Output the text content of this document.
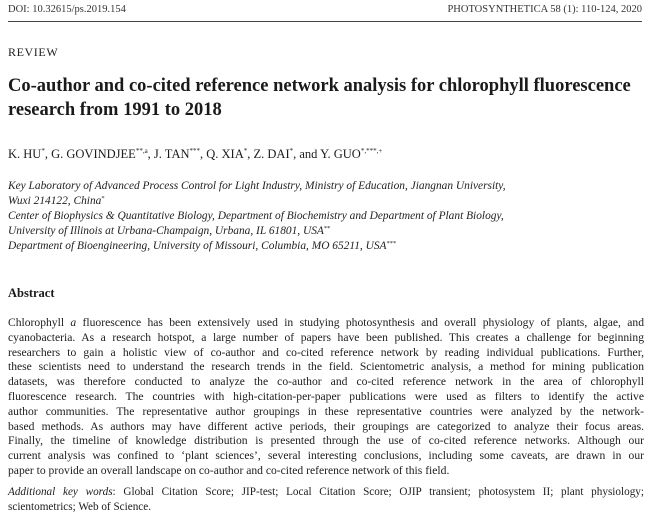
DOI: 10.32615/ps.2019.154	PHOTOSYNTHETICA 58 (1): 110-124, 2020
REVIEW
Co-author and co-cited reference network analysis for chlorophyll fluorescence research from 1991 to 2018
K. HU*, G. $GOVINDJEE^{**,a}$, J. TAN***, Q. XIA*, Z. DAI*, and Y. GUO*,***,+
Key Laboratory of Advanced Process Control for Light Industry, Ministry of Education, Jiangnan University,
Wuxi 214122, China*
Center of Biophysics & Quantitative Biology, Department of Biochemistry and Department of Plant Biology,
University of Illinois at Urbana-Champaign, Urbana, IL 61801, USA**
Department of Bioengineering, University of Missouri, Columbia, MO 65211, USA***
Abstract
Chlorophyll a fluorescence has been extensively used in studying photosynthesis and overall physiology of plants, algae, and
cyanobacteria. As a research hotspot, a large number of papers have been published. This creates a challenge for beginning
researchers to gain a holistic view of co-author and co-cited reference network by reading individual publications. Further,
these scientists need to understand the research trends in the field. Scientometric analysis, a method for mining publication
datasets, was therefore conducted to analyze the co-author and co-cited reference network in the area of chlorophyll
fluorescence research. The countries with high-citation-per-paper publications were used as filters to identify the active
author communities. The representative author groupings in these representative countries were analyzed by the network-
based methods. As authors may have different active periods, their groupings are categorized to analyze their focus areas.
Finally, the timeline of knowledge distribution is presented through the use of co-cited reference networks. Although our
current analysis was confined to ‘plant sciences’, several interesting conclusions, including some caveats, are drawn in our
paper to provide an overall landscape on co-author and co-cited reference network of this field.
Additional key words: Global Citation Score; JIP-test; Local Citation Score; OJIP transient; photosystem II; plant physiology;
scientometrics; Web of Science.
